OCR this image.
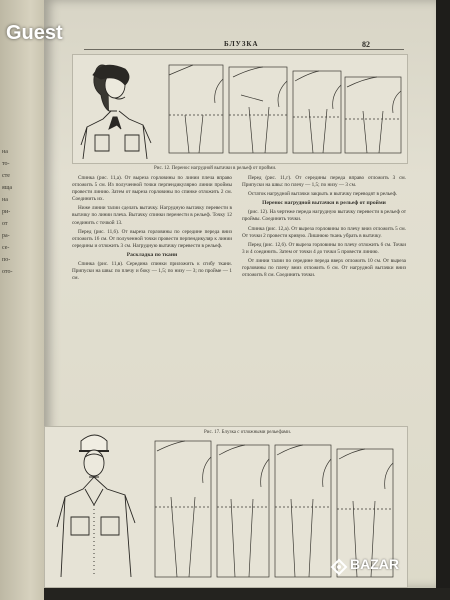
на
то-
сте
яща
на
ри-
от
ра-
се-
по-
ото-
БЛУЗКА	82
Рис. 12. Перенос нагрудной вытачки в рельеф от пройми.

Спинка (рис. 11,а). От вырезa горловины по линии плеча вправо отложить 5 см. Из полученной точки перпендикулярно линии проймы провести линию. Затем от выреза горловины по спинке отложить 2 см. Соединить их.

Ниже линии талии сделать вытачку. Нагрудную вытачку перевести в вытачку по линии плеча. Вытачку спинки перенести в рельеф. Точку 12 соединить с точкой 13.

Перед (рис. 11,6). От выреза горловины по середине переда вниз отложить 16 см. От полученной точки провести перпендикуляр к линии середины и отложить 3 см. Нагрудную вытачку перевести в рельеф.

Раскладка по ткани

Спинка (рис. 11,в). Середина спинки приложить к сгибу ткани. Припуски на швы: по плечу и боку — 1,5; по низу — 3; по пройме — 1 см.

Перед (рис. 11,г). От середины переда вправо отложить 3 см. Припуски на швы: по плечу — 1,5; по низу — 3 см.

Остаток нагрудной вытачки закрыть и вытачку переводят в рельеф.

Перенос нагрудной вытачки в рельеф от пройми

(рис. 12). На чертеже переда нагрудную вытачку перевести в рельеф от проймы. Соединить точки.

Спинка (рис. 12,а). От выреза горловины по плечу вниз отложить 5 см. От точки 2 провести кривую. Лишнюю ткань убрать в вытачку.

Перед (рис. 12,6). От выреза горловины по плечу отложить 6 см. Точки 3 и 4 соединить. Затем от точки 4 до точки 5 провести линию.

От линии талии по середине переда вверх отложить 10 см. От выреза горловины по плечу вниз отложить 6 см. От нагрудной вытачки вниз отложить 8 см. Соединить точки.

Рис. 17. Блузка с отложными рельефами.

Guest
BAZAR
